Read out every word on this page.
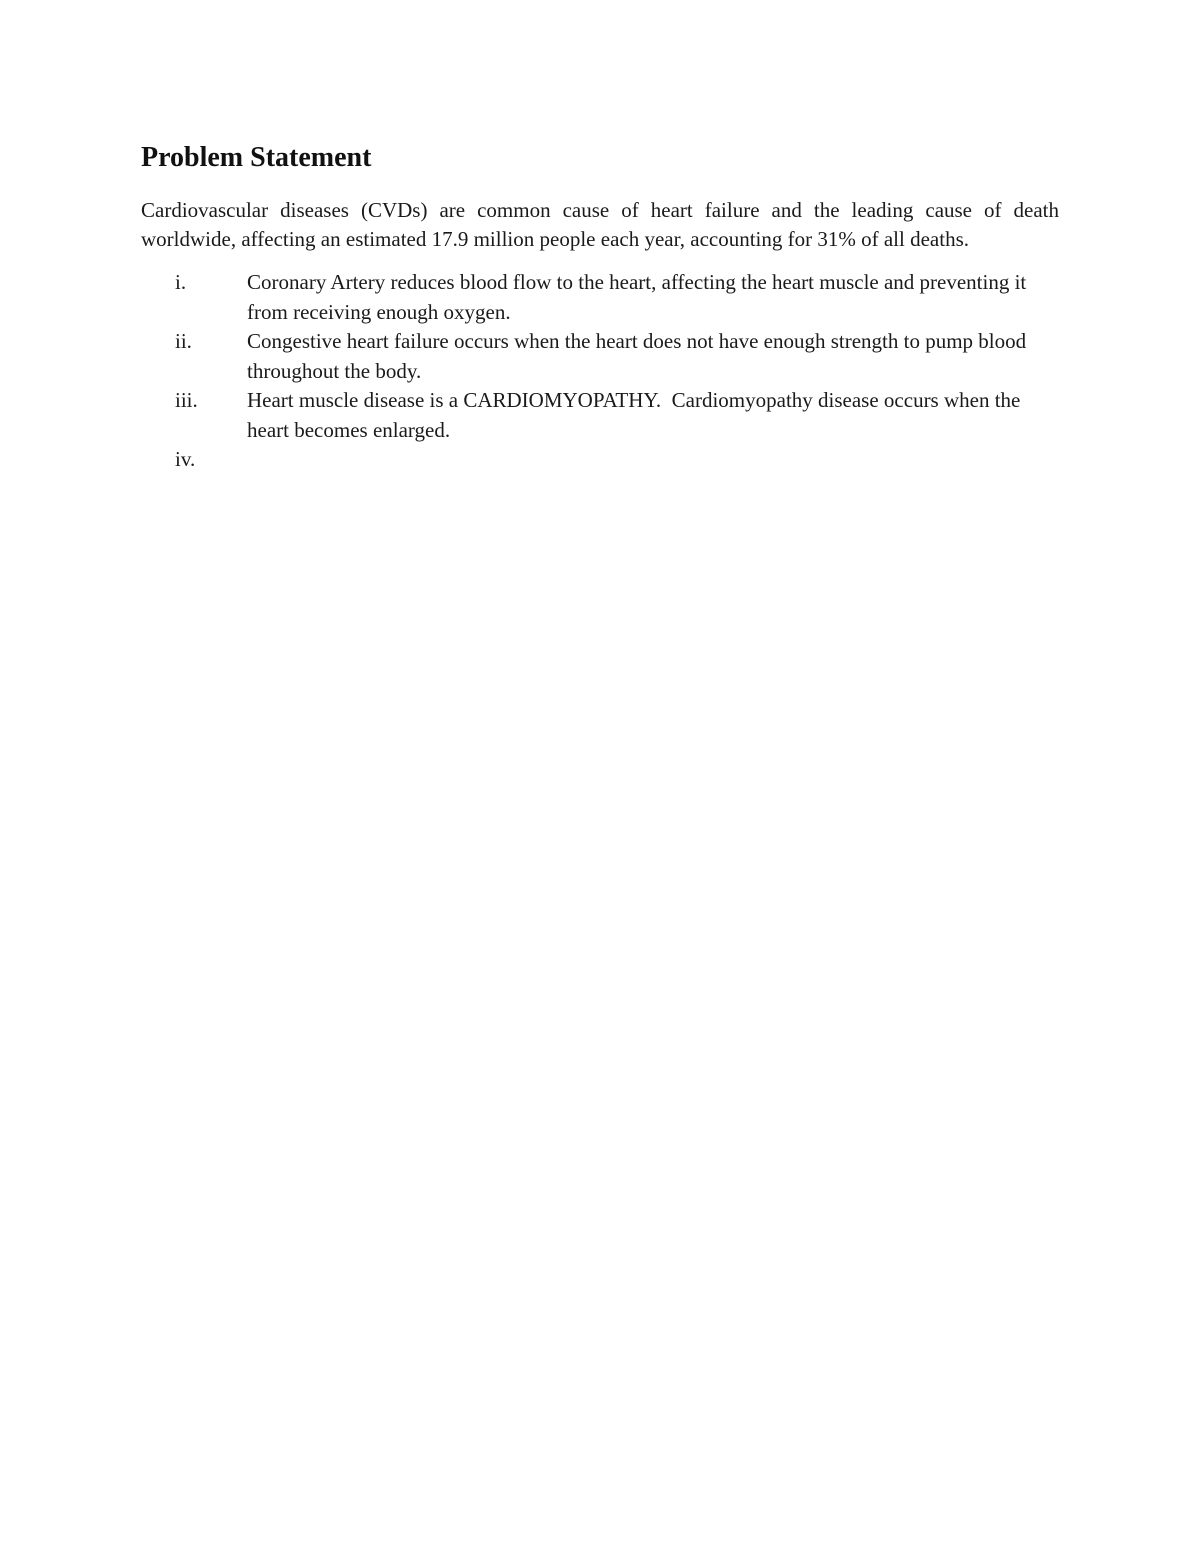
Problem Statement

Cardiovascular diseases (CVDs) are common cause of heart failure and the leading cause of death worldwide, affecting an estimated 17.9 million people each year, accounting for 31% of all deaths.

i.	Coronary Artery reduces blood flow to the heart, affecting the heart muscle and preventing it from receiving enough oxygen.
ii.	Congestive heart failure occurs when the heart does not have enough strength to pump blood throughout the body.
iii.	Heart muscle disease is a CARDIOMYOPATHY.  Cardiomyopathy disease occurs when the heart becomes enlarged.
iv.
